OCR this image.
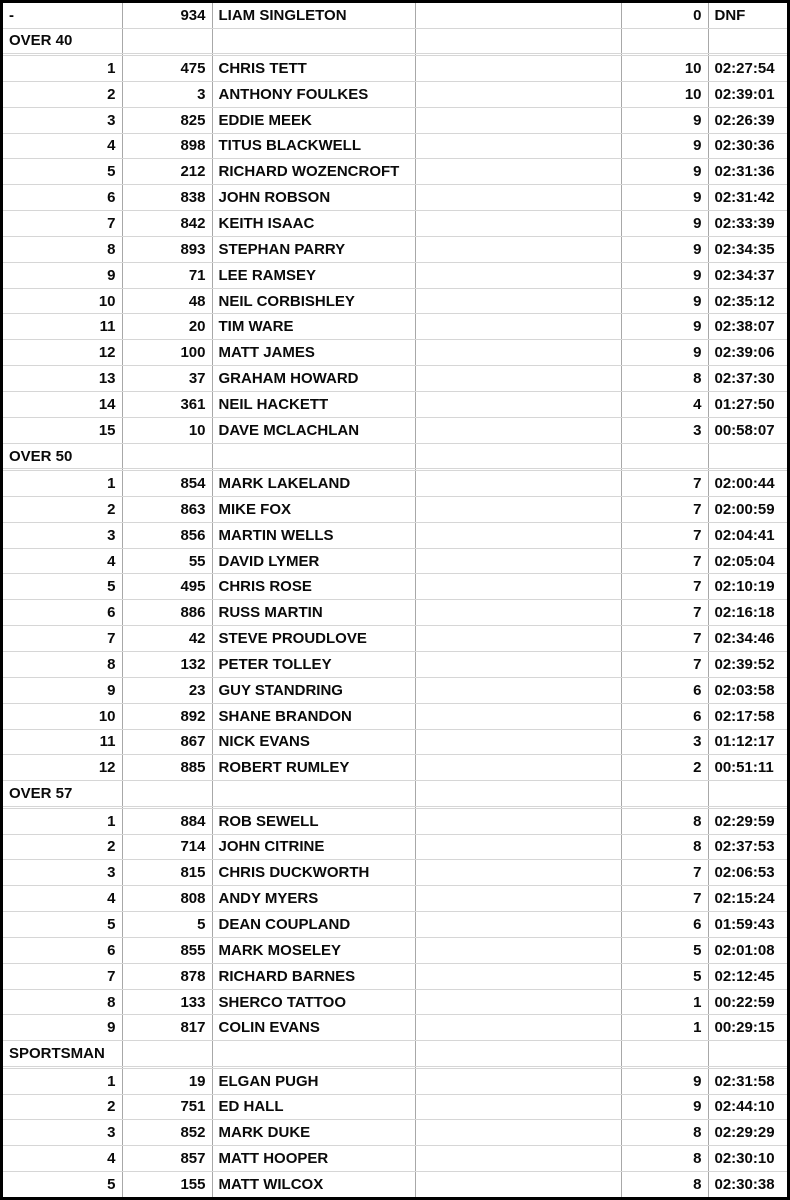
-	934	LIAM SINGLETON		0	DNF
OVER 40					

1	475	CHRIS TETT		10	02:27:54
2	3	ANTHONY FOULKES		10	02:39:01
3	825	EDDIE MEEK		9	02:26:39
4	898	TITUS BLACKWELL		9	02:30:36
5	212	RICHARD WOZENCROFT		9	02:31:36
6	838	JOHN ROBSON		9	02:31:42
7	842	KEITH ISAAC		9	02:33:39
8	893	STEPHAN PARRY		9	02:34:35
9	71	LEE RAMSEY		9	02:34:37
10	48	NEIL CORBISHLEY		9	02:35:12
11	20	TIM WARE		9	02:38:07
12	100	MATT JAMES		9	02:39:06
13	37	GRAHAM HOWARD		8	02:37:30
14	361	NEIL HACKETT		4	01:27:50
15	10	DAVE MCLACHLAN		3	00:58:07
OVER 50					

1	854	MARK LAKELAND		7	02:00:44
2	863	MIKE FOX		7	02:00:59
3	856	MARTIN WELLS		7	02:04:41
4	55	DAVID LYMER		7	02:05:04
5	495	CHRIS ROSE		7	02:10:19
6	886	RUSS MARTIN		7	02:16:18
7	42	STEVE PROUDLOVE		7	02:34:46
8	132	PETER TOLLEY		7	02:39:52
9	23	GUY STANDRING		6	02:03:58
10	892	SHANE BRANDON		6	02:17:58
11	867	NICK EVANS		3	01:12:17
12	885	ROBERT RUMLEY		2	00:51:11
OVER 57					

1	884	ROB SEWELL		8	02:29:59
2	714	JOHN CITRINE		8	02:37:53
3	815	CHRIS DUCKWORTH		7	02:06:53
4	808	ANDY MYERS		7	02:15:24
5	5	DEAN COUPLAND		6	01:59:43
6	855	MARK MOSELEY		5	02:01:08
7	878	RICHARD BARNES		5	02:12:45
8	133	SHERCO TATTOO		1	00:22:59
9	817	COLIN EVANS		1	00:29:15
SPORTSMAN					

1	19	ELGAN PUGH		9	02:31:58
2	751	ED HALL		9	02:44:10
3	852	MARK DUKE		8	02:29:29
4	857	MATT HOOPER		8	02:30:10
5	155	MATT WILCOX		8	02:30:38
